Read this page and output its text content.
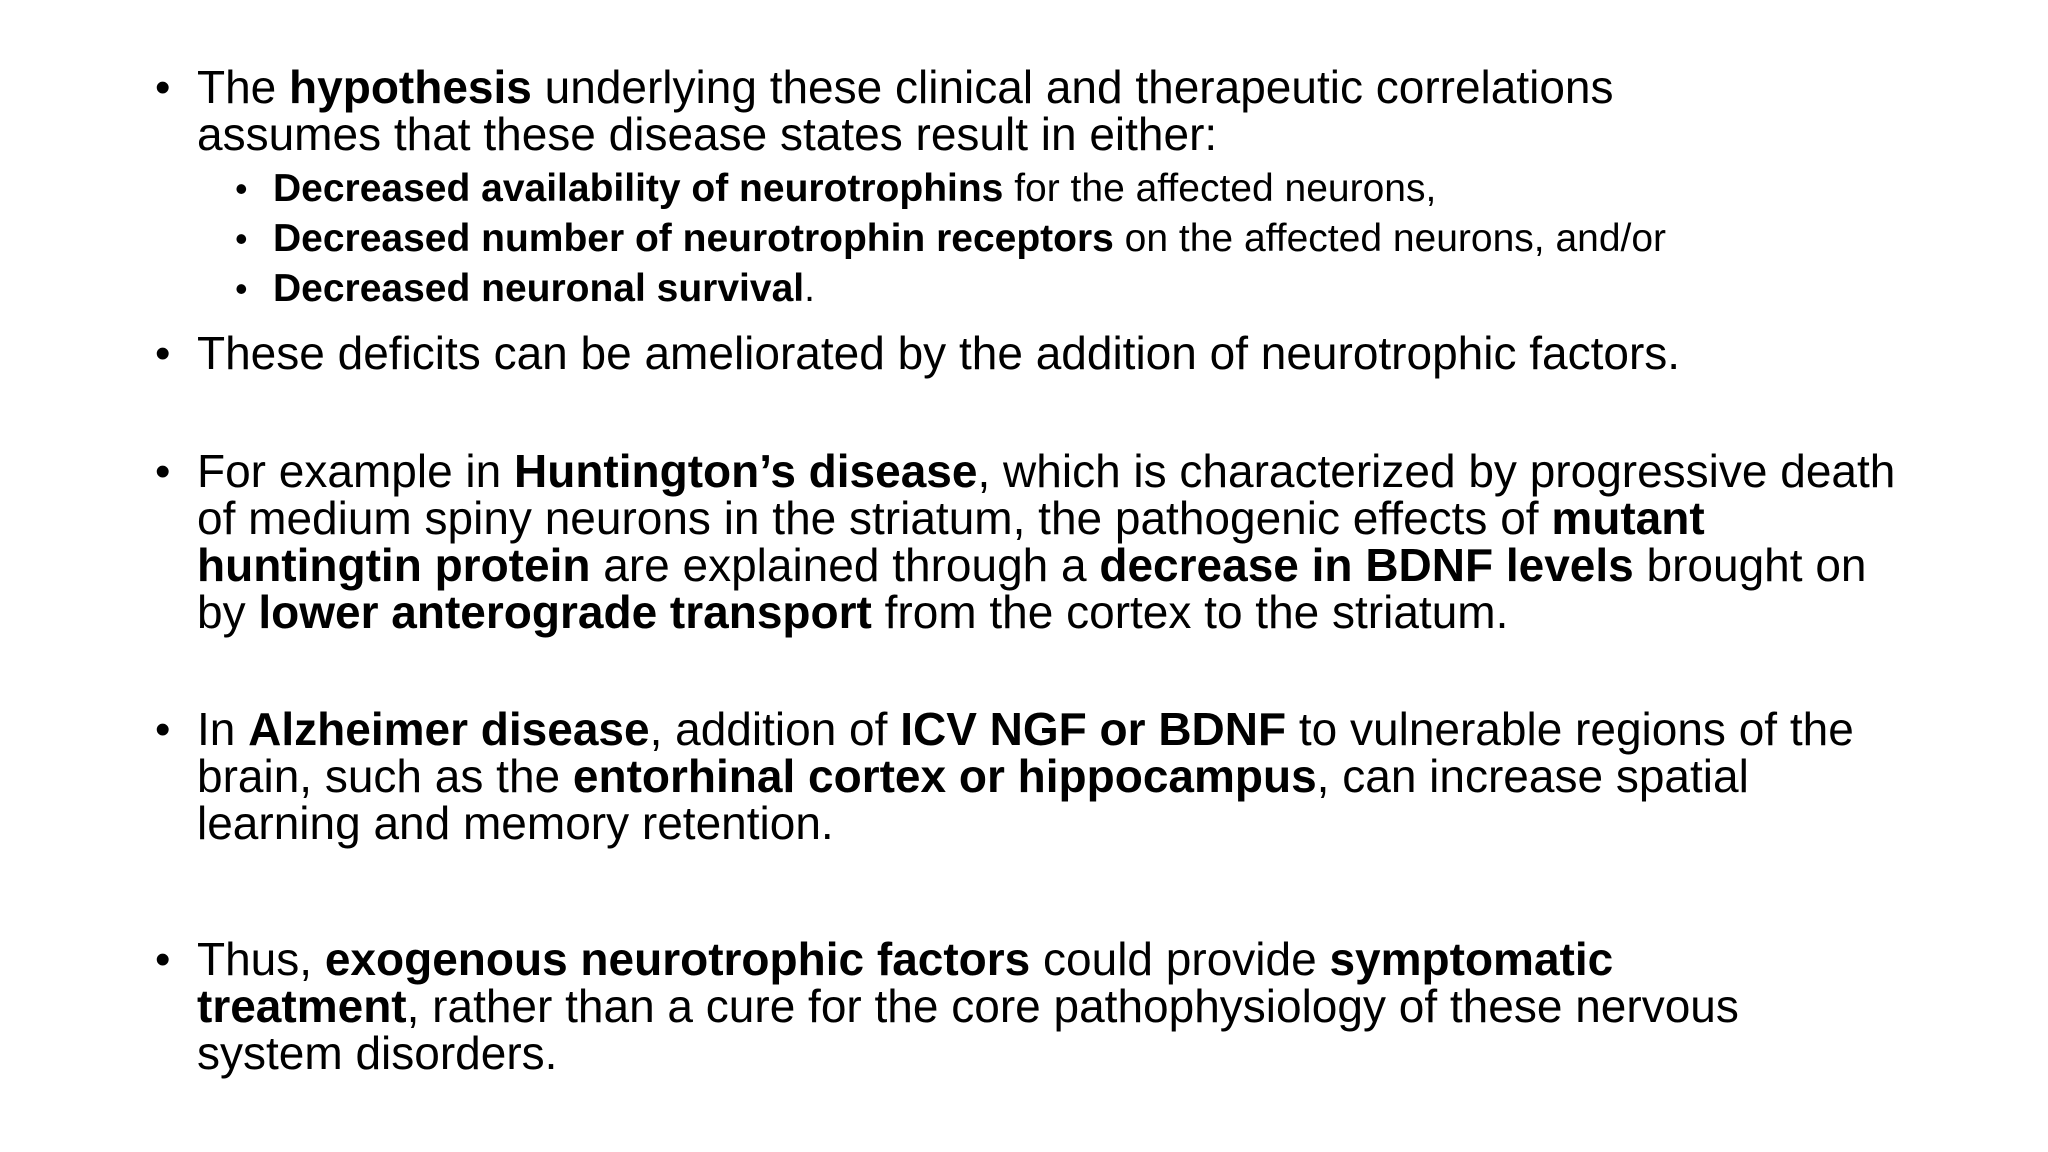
• The hypothesis underlying these clinical and therapeutic correlations assumes that these disease states result in either:
• Decreased availability of neurotrophins for the affected neurons,
• Decreased number of neurotrophin receptors on the affected neurons, and/or
• Decreased neuronal survival.
• These deficits can be ameliorated by the addition of neurotrophic factors.
• For example in Huntington’s disease, which is characterized by progressive death of medium spiny neurons in the striatum, the pathogenic effects of mutant huntingtin protein are explained through a decrease in BDNF levels brought on by lower anterograde transport from the cortex to the striatum.
• In Alzheimer disease, addition of ICV NGF or BDNF to vulnerable regions of the brain, such as the entorhinal cortex or hippocampus, can increase spatial learning and memory retention.
• Thus, exogenous neurotrophic factors could provide symptomatic treatment, rather than a cure for the core pathophysiology of these nervous system disorders.
